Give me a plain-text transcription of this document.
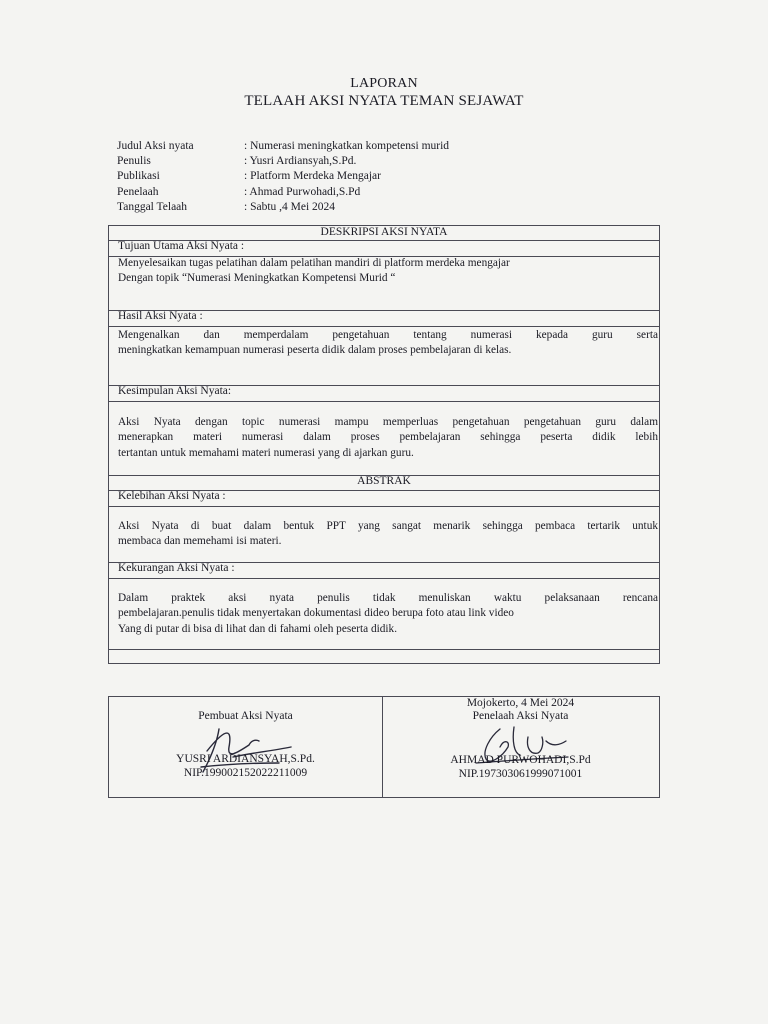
LAPORAN
TELAAH AKSI NYATA TEMAN SEJAWAT
Judul Aksi nyata	: Numerasi meningkatkan kompetensi murid
Penulis	: Yusri Ardiansyah,S.Pd.
Publikasi	: Platform Merdeka Mengajar
Penelaah	: Ahmad Purwohadi,S.Pd
Tanggal Telaah	: Sabtu ,4 Mei 2024
DESKRIPSI AKSI NYATA
Tujuan Utama Aksi Nyata :

Menyelesaikan tugas pelatihan dalam pelatihan mandiri di platform merdeka mengajar

Dengan topik “Numerasi Meningkatkan Kompetensi Murid “

Hasil Aksi Nyata :

Mengenalkan dan memperdalam pengetahuan tentang numerasi kepada guru serta

meningkatkan kemampuan numerasi peserta didik dalam proses pembelajaran di kelas.

Kesimpulan Aksi Nyata:

Aksi Nyata dengan topic numerasi mampu memperluas pengetahuan pengetahuan guru dalam

menerapkan materi numerasi dalam proses pembelajaran sehingga peserta didik lebih

tertantan untuk memahami materi numerasi yang di ajarkan guru.

ABSTRAK
Kelebihan Aksi Nyata :

Aksi Nyata di buat dalam bentuk PPT yang sangat menarik sehingga pembaca tertarik untuk

membaca dan memehami isi materi.

Kekurangan Aksi Nyata :

Dalam praktek aksi nyata penulis tidak menuliskan waktu pelaksanaan rencana

pembelajaran.penulis tidak menyertakan dokumentasi dideo berupa foto atau link video

Yang di putar di bisa di lihat dan di fahami oleh peserta didik.

Pembuat Aksi Nyata
YUSRI ARDIANSYAH,S.Pd.
NIP.199002152022211009
Mojokerto, 4 Mei 2024
Penelaah Aksi Nyata
AHMAD PURWOHADI,S.Pd
NIP.197303061999071001
